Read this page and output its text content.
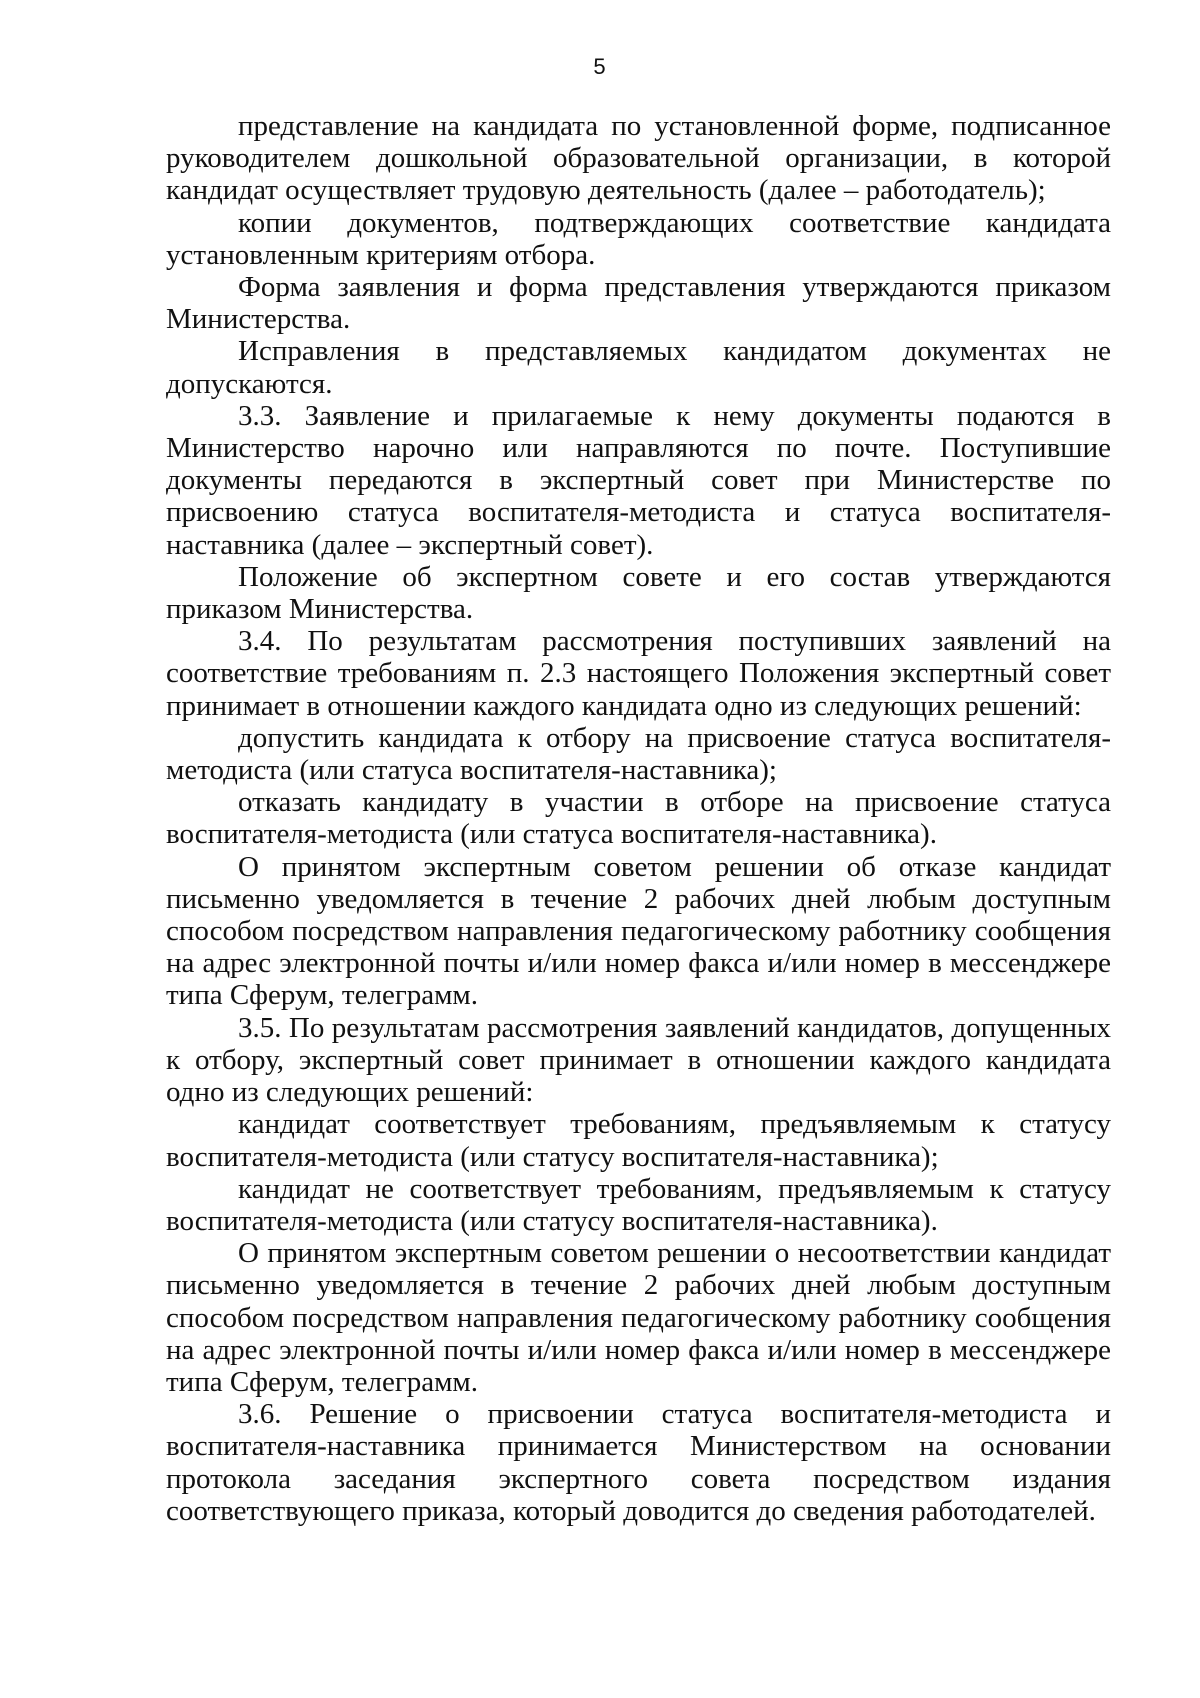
5

представление на кандидата по установленной форме, подписанное руководителем дошкольной образовательной организации, в которой кандидат осуществляет трудовую деятельность (далее – работодатель);

копии документов, подтверждающих соответствие кандидата установленным критериям отбора.

Форма заявления и форма представления утверждаются приказом Министерства.

Исправления в представляемых кандидатом документах не допускаются.

3.3. Заявление и прилагаемые к нему документы подаются в Министерство нарочно или направляются по почте. Поступившие документы передаются в экспертный совет при Министерстве по присвоению статуса воспитателя-методиста и статуса воспитателя-наставника (далее – экспертный совет).

Положение об экспертном совете и его состав утверждаются приказом Министерства.

3.4. По результатам рассмотрения поступивших заявлений на соответствие требованиям п. 2.3 настоящего Положения экспертный совет принимает в отношении каждого кандидата одно из следующих решений:

допустить кандидата к отбору на присвоение статуса воспитателя-методиста (или статуса воспитателя-наставника);

отказать кандидату в участии в отборе на присвоение статуса воспитателя-методиста (или статуса воспитателя-наставника).

О принятом экспертным советом решении об отказе кандидат письменно уведомляется в течение 2 рабочих дней любым доступным способом посредством направления педагогическому работнику сообщения на адрес электронной почты и/или номер факса и/или номер в мессенджере типа Сферум, телеграмм.

3.5. По результатам рассмотрения заявлений кандидатов, допущенных к отбору, экспертный совет принимает в отношении каждого кандидата одно из следующих решений:

кандидат соответствует требованиям, предъявляемым к статусу воспитателя-методиста (или статусу воспитателя-наставника);

кандидат не соответствует требованиям, предъявляемым к статусу воспитателя-методиста (или статусу воспитателя-наставника).

О принятом экспертным советом решении о несоответствии кандидат письменно уведомляется в течение 2 рабочих дней любым доступным способом посредством направления педагогическому работнику сообщения на адрес электронной почты и/или номер факса и/или номер в мессенджере типа Сферум, телеграмм.

3.6. Решение о присвоении статуса воспитателя-методиста и воспитателя-наставника принимается Министерством на основании протокола заседания экспертного совета посредством издания соответствующего приказа, который доводится до сведения работодателей.
